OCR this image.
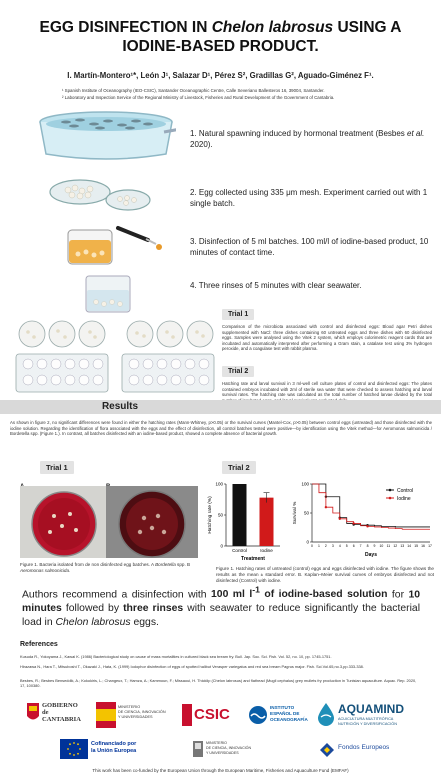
EGG DISINFECTION IN Chelon labrosus USING A
IODINE-BASED PRODUCT.
I. Martín-Montero¹*, León J¹, Salazar D¹, Pérez S², Gradillas G², Aguado-Giménez F¹.
¹ Spanish Institute of Oceanography (IEO-CSIC), Santander Oceanographic Centre, Calle Severiano Ballesteros 16, 39004, Santander.
² Laboratory and Inspection Service of the Regional Ministry of Livestock, Fisheries and Rural Development of the Government of Cantabria.
1. Natural spawning induced by hormonal treatment (Besbes et al. 2020).
2. Egg collected using 335 μm mesh. Experiment carried out with 1 single batch.
3. Disinfection of 5 ml batches. 100 ml/l of iodine-based product, 10 minutes of contact time.
4. Three rinses of 5 minutes with clear seawater.
Trial 1
Comparison of the microbiota associated with control and disinfected eggs: Blood agar Petri dishes supplemented with NaCl: three dishes containing 60 untreated eggs and three dishes with 60 disinfected eggs. Samples were analysed using the Vitek 2 system, which employs colorimetric reagent cards that are incubated and automatically interpreted after performing a Gram stain, a catalase test using 3% hydrogen peroxide, and a coagulase test with rabbit plasma.
Trial 2
Hatching rate and larval survival in 3 ml-well cell culture plates of control and disinfected eggs: The plates contained embryos incubated with 2ml of sterile sea water that were checked to assess hatching and larval survival rates. The hatching rate was calculated as the total number of hatched larvae divided by the total
Results
As shown in figure 2, no significant differences were found in either the hatching rates (Mann-Whitney, p>0.05) or the survival curves (Mantel-Cox, p>0.05) between control eggs (untreated) and those disinfected with the iodine solution. Regarding the identification of flora associated with the eggs and the effect of disinfection, all control batches tested were positive—by identification using the Vitek method—for Aeromonas salmonicida / Bordetella spp. (Figure 1.). In contrast, all batches disinfected with an iodine-based product, showed a complete absence of bacterial growth.
Trial 1	Trial 2
Figure 1. Bacteria isolated from de non disinfected egg batches. A Bordetella spp. B Aeromonas salmonicida.
0
50
100
Control	Iodine
Treatment
Hatching rate (%)
0
50
100
0 1 2 3 4 5 6 7 8 9 10 11 12 13 14 15 16 17
Control
Iodine
Days
Survival %
Figure 1. Hatching rates of untreated (control) eggs and eggs disinfected with iodine. The figure shows the results as the mean ± standard error. B. Kaplan–Meier survival curves of embryos disinfected and not disinfected (Control) with iodine.
Authors recommend a disinfection with 100 ml $l^{-1}$ of iodine-based solution for 10 minutes followed by three rinses with seawater to reduce significantly the bacterial load in Chelon labrosus eggs.
References
Kusuda R., Yokoyama J., Kawai K. (1986) Bacteriological study on cause of mass mortalities in cultured black sea bream fry. Bull. Jap. Soc. Sci. Fish. Vol. 52, no. 10, pp. 1745-1751.
Hirazawa N., Hara T., Mitsuboshi T., Okazaki J., Hata, K. (1999) Iodophor disinfection of eggs of spotted halibut Verasper variegatus and red sea bream Pagrus major. Fish. Sci.Vol.65,no.3,pp.333-338.
Besbes, R.; Besbes Benseddik, A.; Kokokiris, L.; Changeux, T.; Hamza, A.; Kammoun, F.; Missaoui, H. Thicklip (Chelon labrosus) and flathead (Mugil cephalus) grey mullets fry production in Tunisian aquaculture. Aquac. Rep. 2020, 17, 100380.
GOBIERNO
de
CANTABRIA
MINISTERIO
DE CIENCIA, INNOVACIÓN
Y UNIVERSIDADES	CSIC	INSTITUTO
ESPAÑOL DE
OCEANOGRAFÍA
AQUAMIND
ACUICULTURA MULTITRÓFICA
NUTRICIÓN Y DIVERSIFICACIÓN
Cofinanciado por
la Unión Europea
MINISTERIO
DE CIENCIA, INNOVACIÓN
Y UNIVERSIDADES
Fondos Europeos
This work has been co-funded by the European Union through the European Maritime, Fisheries and Aquaculture Fund (EMFAF)
